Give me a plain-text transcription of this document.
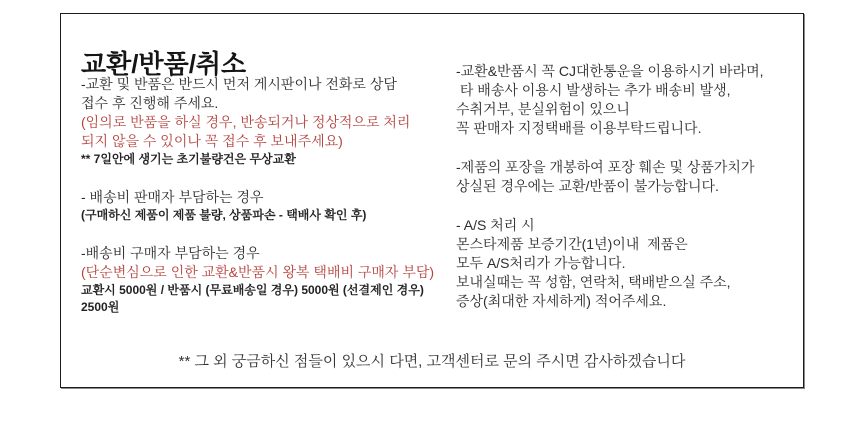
교환/반품/취소
-교환 및 반품은 반드시 먼저 게시판이나 전화로 상담
접수 후 진행해 주세요.
(임의로 반품을 하실 경우, 반송되거나 정상적으로 처리
되지 않을 수 있이나 꼭 접수 후 보내주세요)
** 7일안에 생기는 초기불량건은 무상교환
- 배송비 판매자 부담하는 경우
(구매하신 제품이 제품 불량, 상품파손 - 택배사 확인 후)
-배송비 구매자 부담하는 경우
(단순변심으로 인한 교환&반품시 왕복 택배비 구매자 부담)
교환시 5000원 / 반품시 (무료배송일 경우) 5000원 (선결제인 경우) 2500원
-교환&반품시 꼭 CJ대한통운을 이용하시기 바라며,
타 배송사 이용시 발생하는 추가 배송비 발생,
수취거부, 분실위험이 있으니
꼭 판매자 지정택배를 이용부탁드립니다.
-제품의 포장을 개봉하여 포장 훼손 및 상품가치가
상실된 경우에는 교환/반품이 불가능합니다.
- A/S 처리 시
몬스타제품 보증기간(1년)이내  제품은
모두 A/S처리가 가능합니다.
보내실때는 꼭 성함, 연락처, 택배받으실 주소,
증상(최대한 자세하게) 적어주세요.
** 그 외 궁금하신 점들이 있으시 다면, 고객센터로 문의 주시면 감사하겠습니다
